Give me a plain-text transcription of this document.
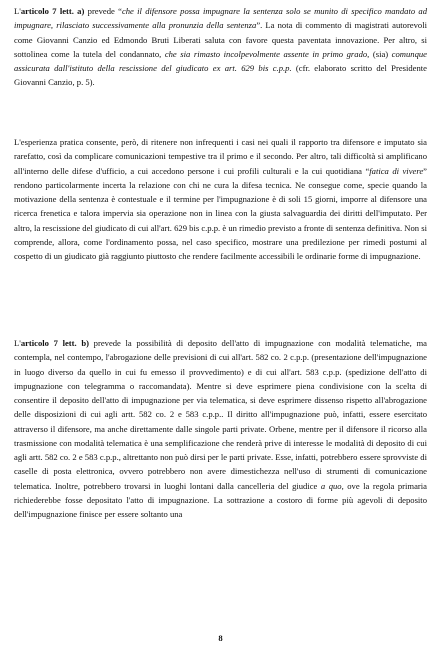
L'articolo 7 lett. a) prevede “che il difensore possa impugnare la sentenza solo se munito di specifico mandato ad impugnare, rilasciato successivamente alla pronunzia della sentenza”. La nota di commento di magistrati autorevoli come Giovanni Canzio ed Edmondo Bruti Liberati saluta con favore questa paventata innovazione. Per altro, si sottolinea come la tutela del condannato, che sia rimasto incolpevolmente assente in primo grado, (sia) comunque assicurata dall'istituto della rescissione del giudicato ex art. 629 bis c.p.p. (cfr. elaborato scritto del Presidente Giovanni Canzio, p. 5).

L'esperienza pratica consente, però, di ritenere non infrequenti i casi nei quali il rapporto tra difensore e imputato sia rarefatto, così da complicare comunicazioni tempestive tra il primo e il secondo. Per altro, tali difficoltà si amplificano all'interno delle difese d'ufficio, a cui accedono persone i cui profili culturali e la cui quotidiana “fatica di vivere” rendono particolarmente incerta la relazione con chi ne cura la difesa tecnica. Ne consegue come, specie quando la motivazione della sentenza è contestuale e il termine per l'impugnazione è di soli 15 giorni, imporre al difensore una ricerca frenetica e talora impervia sia operazione non in linea con la giusta salvaguardia dei diritti dell'imputato. Per altro, la rescissione del giudicato di cui all'art. 629 bis c.p.p. è un rimedio previsto a fronte di sentenza definitiva. Non si comprende, allora, come l'ordinamento possa, nel caso specifico, mostrare una predilezione per rimedi postumi al cospetto di un giudicato già raggiunto piuttosto che rendere facilmente accessibili le ordinarie forme di impugnazione.

L'articolo 7 lett. b) prevede la possibilità di deposito dell'atto di impugnazione con modalità telematiche, ma contempla, nel contempo, l'abrogazione delle previsioni di cui all'art. 582 co. 2 c.p.p. (presentazione dell'impugnazione in luogo diverso da quello in cui fu emesso il provvedimento) e di cui all'art. 583 c.p.p. (spedizione dell'atto di impugnazione con telegramma o raccomandata). Mentre si deve esprimere piena condivisione con la scelta di consentire il deposito dell'atto di impugnazione per via telematica, si deve esprimere dissenso rispetto all'abrogazione delle disposizioni di cui agli artt. 582 co. 2 e 583 c.p.p.. Il diritto all'impugnazione può, infatti, essere esercitato attraverso il difensore, ma anche direttamente dalle singole parti private. Orbene, mentre per il difensore il ricorso alla trasmissione con modalità telematica è una semplificazione che renderà prive di interesse le modalità di deposito di cui agli artt. 582 co. 2 e 583 c.p.p., altrettanto non può dirsi per le parti private. Esse, infatti, potrebbero essere sprovviste di caselle di posta elettronica, ovvero potrebbero non avere dimestichezza nell'uso di strumenti di comunicazione telematica. Inoltre, potrebbero trovarsi in luoghi lontani dalla cancelleria del giudice a quo, ove la regola primaria richiederebbe fosse depositato l'atto di impugnazione. La sottrazione a costoro di forme più agevoli di deposito dell'impugnazione finisce per essere soltanto una

8
